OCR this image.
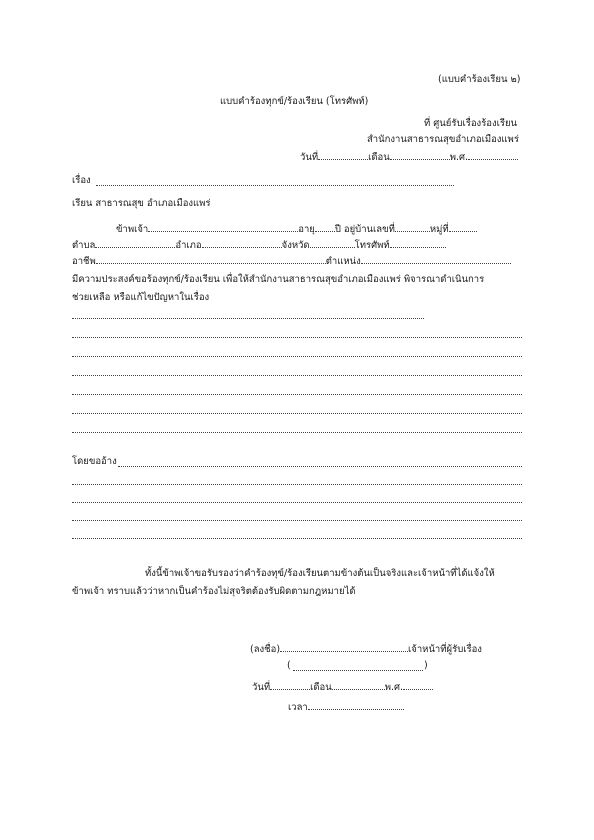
(แบบคำร้องเรียน ๒)
แบบคำร้องทุกข์/ร้องเรียน (โทรศัพท์)
ที่ ศูนย์รับเรื่องร้องเรียน
สำนักงานสาธารณสุขอำเภอเมืองแพร่
วันที่	เดือน	พ.ศ.
เรื่อง
เรียน สาธารณสุข อำเภอเมืองแพร่
ข้าพเจ้า	อายุ ปี อยู่บ้านเลขที่	หมู่ที่
ตำบล	อำเภอ	จังหวัด	โทรศัพท์
อาชีพ	ตำแหน่ง
มีความประสงค์ขอร้องทุกข์/ร้องเรียน เพื่อให้สำนักงานสาธารณสุขอำเภอเมืองแพร่ พิจารณาดำเนินการ
ช่วยเหลือ หรือแก้ไขปัญหาในเรื่อง
โดยขออ้าง
ทั้งนี้ข้าพเจ้าขอรับรองว่าคำร้องทุข์/ร้องเรียนตามข้างต้นเป็นจริงและเจ้าหน้าที่ได้แจ้งให้
ข้าพเจ้า ทราบแล้วว่าหากเป็นคำร้องไม่สุจริตต้องรับผิดตามกฎหมายได้
(ลงชื่อ)	เจ้าหน้าที่ผู้รับเรื่อง
(	)
วันที่	เดือน	พ.ศ.
เวลา
